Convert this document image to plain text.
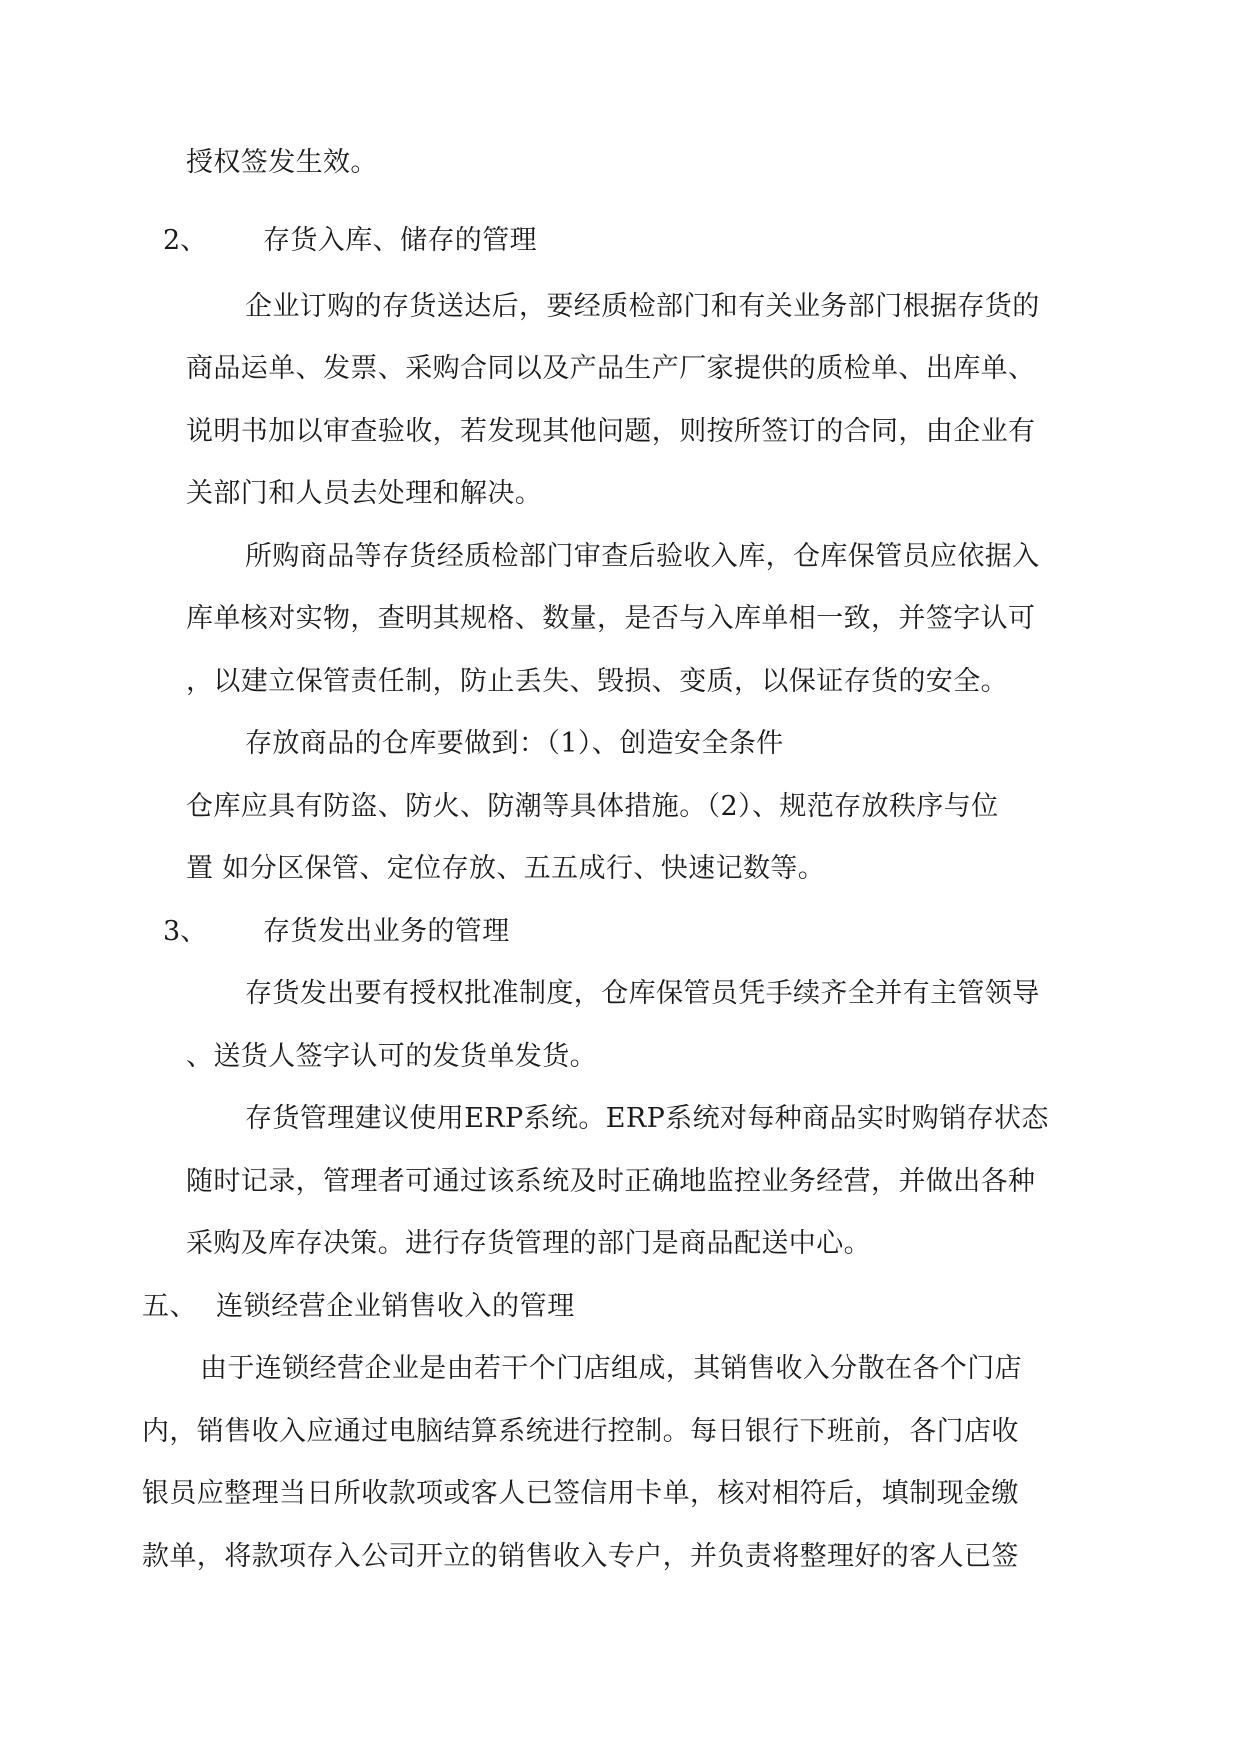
授权签发生效。
2、 存货入库、储存的管理
企业订购的存货送达后，要经质检部门和有关业务部门根据存货的
商品运单、发票、采购合同以及产品生产厂家提供的质检单、出库单、
说明书加以审查验收，若发现其他问题，则按所签订的合同，由企业有
关部门和人员去处理和解决。
所购商品等存货经质检部门审查后验收入库，仓库保管员应依据入
库单核对实物，查明其规格、数量，是否与入库单相一致，并签字认可
，以建立保管责任制，防止丢失、毁损、变质，以保证存货的安全。
存放商品的仓库要做到：（1）、创造安全条件
仓库应具有防盗、防火、防潮等具体措施。（2）、规范存放秩序与位
置 如分区保管、定位存放、五五成行、快速记数等。
3、 存货发出业务的管理
存货发出要有授权批准制度，仓库保管员凭手续齐全并有主管领导
、送货人签字认可的发货单发货。
存货管理建议使用ERP系统。ERP系统对每种商品实时购销存状态
随时记录，管理者可通过该系统及时正确地监控业务经营，并做出各种
采购及库存决策。进行存货管理的部门是商品配送中心。
五、 连锁经营企业销售收入的管理
由于连锁经营企业是由若干个门店组成，其销售收入分散在各个门店
内，销售收入应通过电脑结算系统进行控制。每日银行下班前，各门店收
银员应整理当日所收款项或客人已签信用卡单，核对相符后，填制现金缴
款单，将款项存入公司开立的销售收入专户，并负责将整理好的客人已签
